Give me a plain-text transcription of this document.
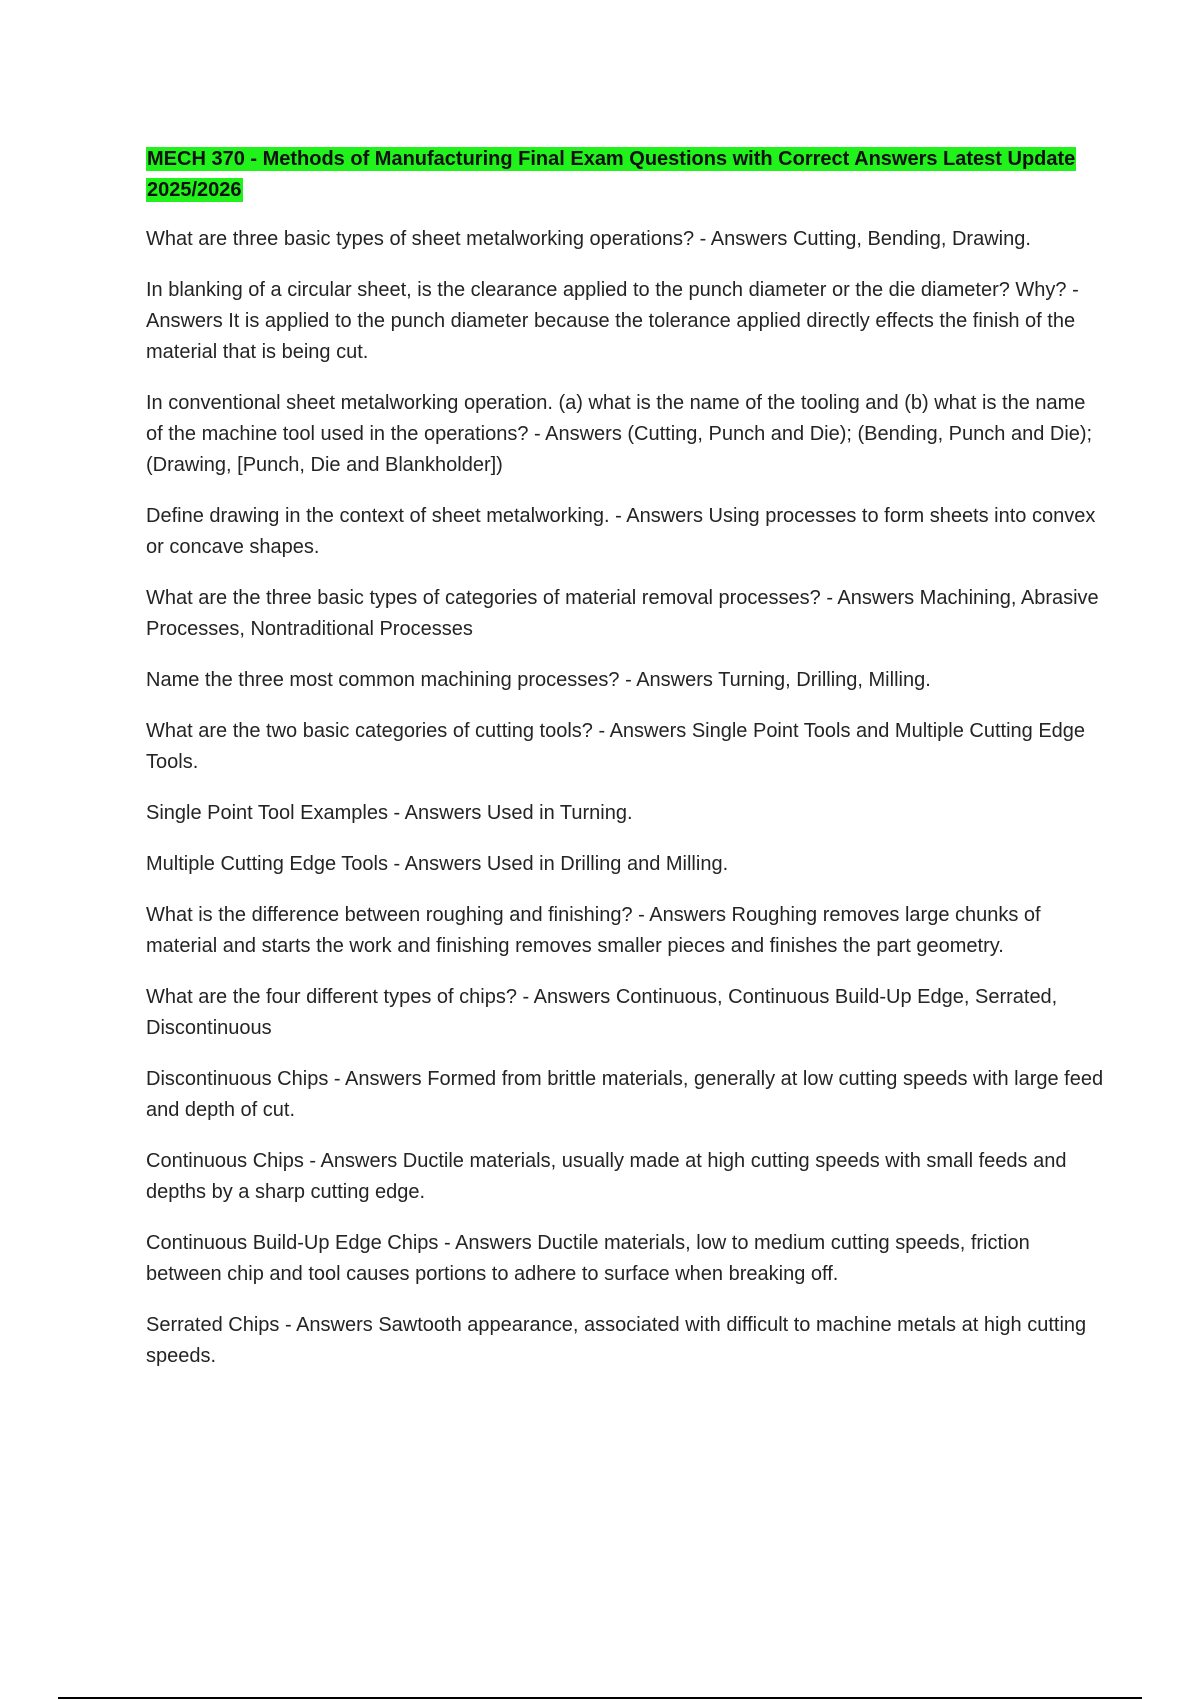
MECH 370 - Methods of Manufacturing Final Exam Questions with Correct Answers Latest Update 2025/2026

What are three basic types of sheet metalworking operations? - Answers Cutting, Bending, Drawing.

In blanking of a circular sheet, is the clearance applied to the punch diameter or the die diameter? Why? - Answers It is applied to the punch diameter because the tolerance applied directly effects the finish of the material that is being cut.

In conventional sheet metalworking operation. (a) what is the name of the tooling and (b) what is the name of the machine tool used in the operations? - Answers (Cutting, Punch and Die); (Bending, Punch and Die); (Drawing, [Punch, Die and Blankholder])

Define drawing in the context of sheet metalworking. - Answers Using processes to form sheets into convex or concave shapes.

What are the three basic types of categories of material removal processes? - Answers Machining, Abrasive Processes, Nontraditional Processes

Name the three most common machining processes? - Answers Turning, Drilling, Milling.

What are the two basic categories of cutting tools? - Answers Single Point Tools and Multiple Cutting Edge Tools.

Single Point Tool Examples - Answers Used in Turning.

Multiple Cutting Edge Tools - Answers Used in Drilling and Milling.

What is the difference between roughing and finishing? - Answers Roughing removes large chunks of material and starts the work and finishing removes smaller pieces and finishes the part geometry.

What are the four different types of chips? - Answers Continuous, Continuous Build-Up Edge, Serrated, Discontinuous

Discontinuous Chips - Answers Formed from brittle materials, generally at low cutting speeds with large feed and depth of cut.

Continuous Chips - Answers Ductile materials, usually made at high cutting speeds with small feeds and depths by a sharp cutting edge.

Continuous Build-Up Edge Chips - Answers Ductile materials, low to medium cutting speeds, friction between chip and tool causes portions to adhere to surface when breaking off.

Serrated Chips - Answers Sawtooth appearance, associated with difficult to machine metals at high cutting speeds.
